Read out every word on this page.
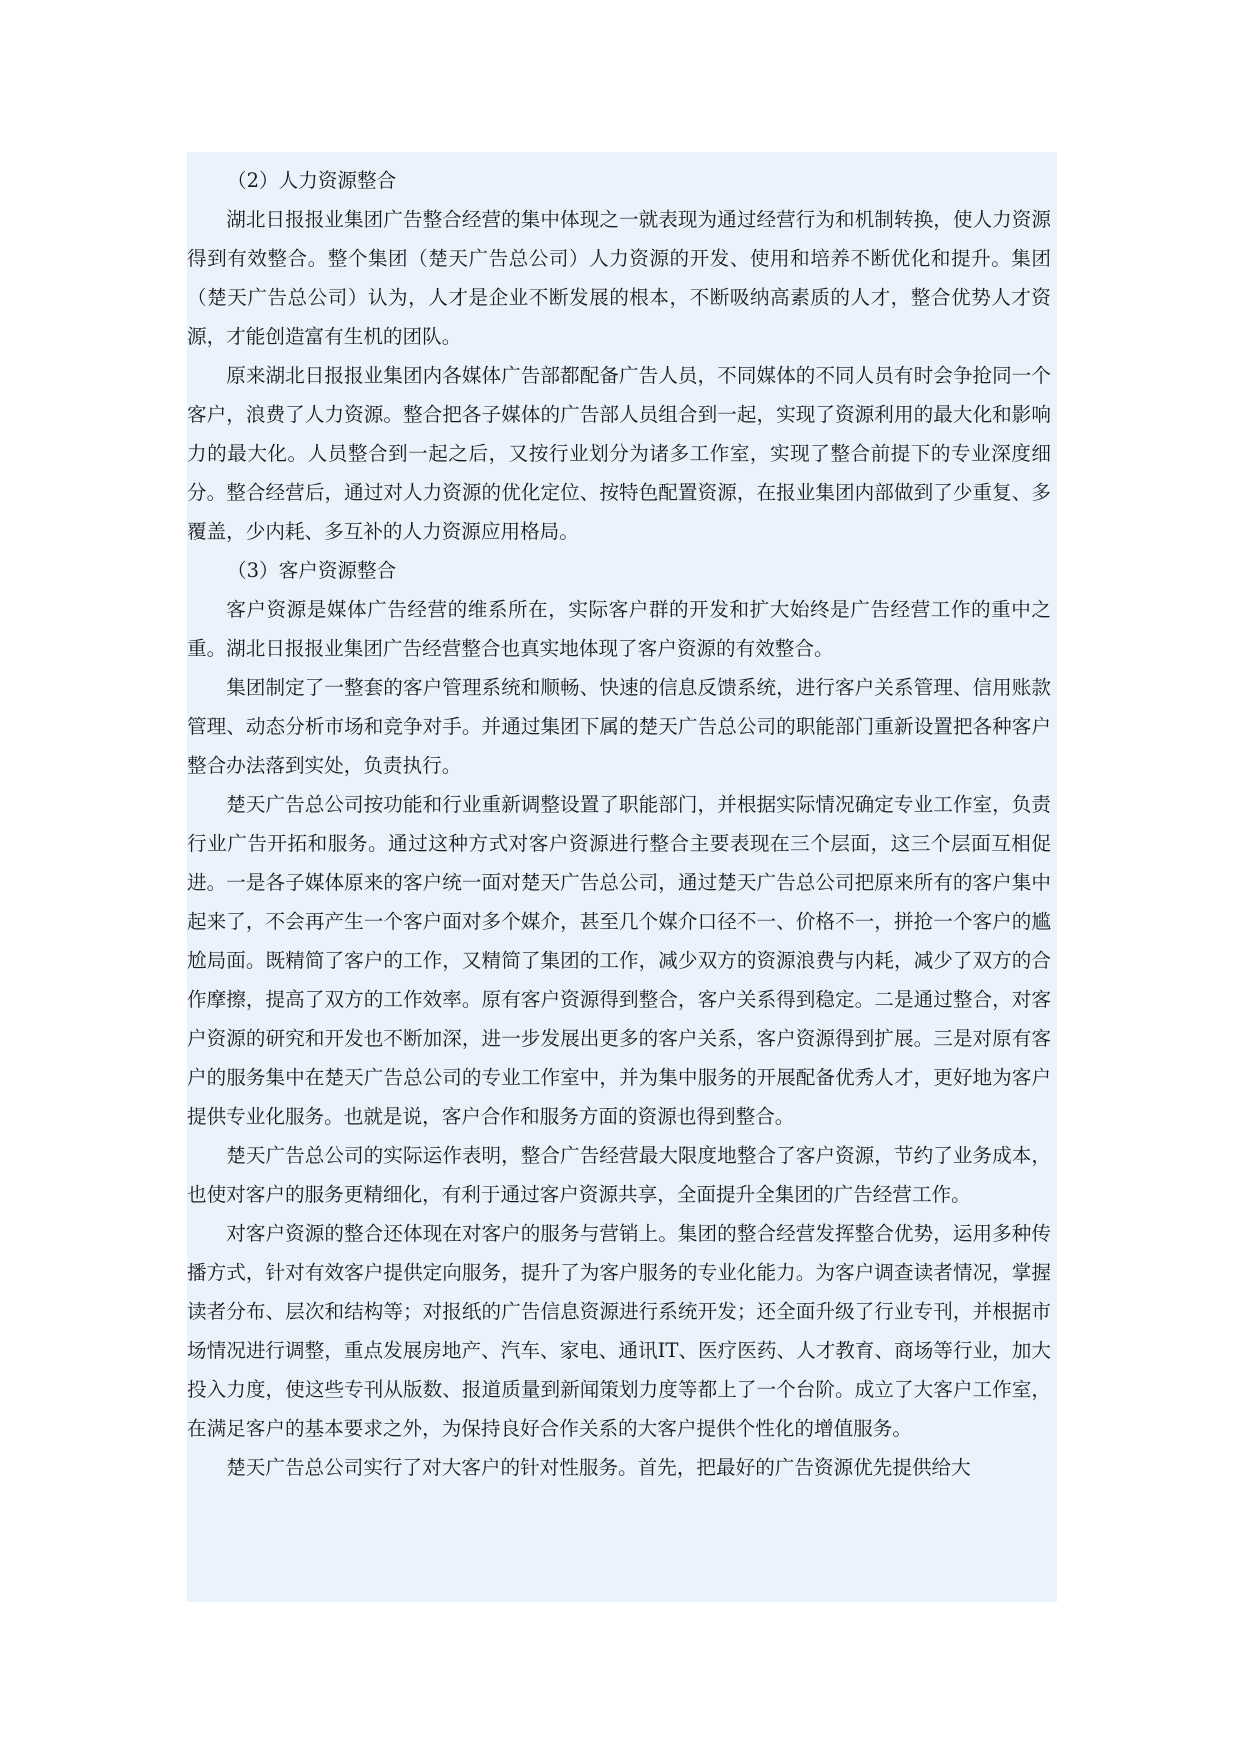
（2）人力资源整合

湖北日报报业集团广告整合经营的集中体现之一就表现为通过经营行为和机制转换，使人力资源得到有效整合。整个集团（楚天广告总公司）人力资源的开发、使用和培养不断优化和提升。集团（楚天广告总公司）认为，人才是企业不断发展的根本，不断吸纳高素质的人才，整合优势人才资源，才能创造富有生机的团队。

原来湖北日报报业集团内各媒体广告部都配备广告人员，不同媒体的不同人员有时会争抢同一个客户，浪费了人力资源。整合把各子媒体的广告部人员组合到一起，实现了资源利用的最大化和影响力的最大化。人员整合到一起之后，又按行业划分为诸多工作室，实现了整合前提下的专业深度细分。整合经营后，通过对人力资源的优化定位、按特色配置资源，在报业集团内部做到了少重复、多覆盖，少内耗、多互补的人力资源应用格局。

（3）客户资源整合

客户资源是媒体广告经营的维系所在，实际客户群的开发和扩大始终是广告经营工作的重中之重。湖北日报报业集团广告经营整合也真实地体现了客户资源的有效整合。

集团制定了一整套的客户管理系统和顺畅、快速的信息反馈系统，进行客户关系管理、信用账款管理、动态分析市场和竞争对手。并通过集团下属的楚天广告总公司的职能部门重新设置把各种客户整合办法落到实处，负责执行。

楚天广告总公司按功能和行业重新调整设置了职能部门，并根据实际情况确定专业工作室，负责行业广告开拓和服务。通过这种方式对客户资源进行整合主要表现在三个层面，这三个层面互相促进。一是各子媒体原来的客户统一面对楚天广告总公司，通过楚天广告总公司把原来所有的客户集中起来了，不会再产生一个客户面对多个媒介，甚至几个媒介口径不一、价格不一，拼抢一个客户的尴尬局面。既精简了客户的工作，又精简了集团的工作，减少双方的资源浪费与内耗，减少了双方的合作摩擦，提高了双方的工作效率。原有客户资源得到整合，客户关系得到稳定。二是通过整合，对客户资源的研究和开发也不断加深，进一步发展出更多的客户关系，客户资源得到扩展。三是对原有客户的服务集中在楚天广告总公司的专业工作室中，并为集中服务的开展配备优秀人才，更好地为客户提供专业化服务。也就是说，客户合作和服务方面的资源也得到整合。

楚天广告总公司的实际运作表明，整合广告经营最大限度地整合了客户资源，节约了业务成本，也使对客户的服务更精细化，有利于通过客户资源共享，全面提升全集团的广告经营工作。

对客户资源的整合还体现在对客户的服务与营销上。集团的整合经营发挥整合优势，运用多种传播方式，针对有效客户提供定向服务，提升了为客户服务的专业化能力。为客户调查读者情况，掌握读者分布、层次和结构等；对报纸的广告信息资源进行系统开发；还全面升级了行业专刊，并根据市场情况进行调整，重点发展房地产、汽车、家电、通讯IT、医疗医药、人才教育、商场等行业，加大投入力度，使这些专刊从版数、报道质量到新闻策划力度等都上了一个台阶。成立了大客户工作室，在满足客户的基本要求之外，为保持良好合作关系的大客户提供个性化的增值服务。

楚天广告总公司实行了对大客户的针对性服务。首先，把最好的广告资源优先提供给大
